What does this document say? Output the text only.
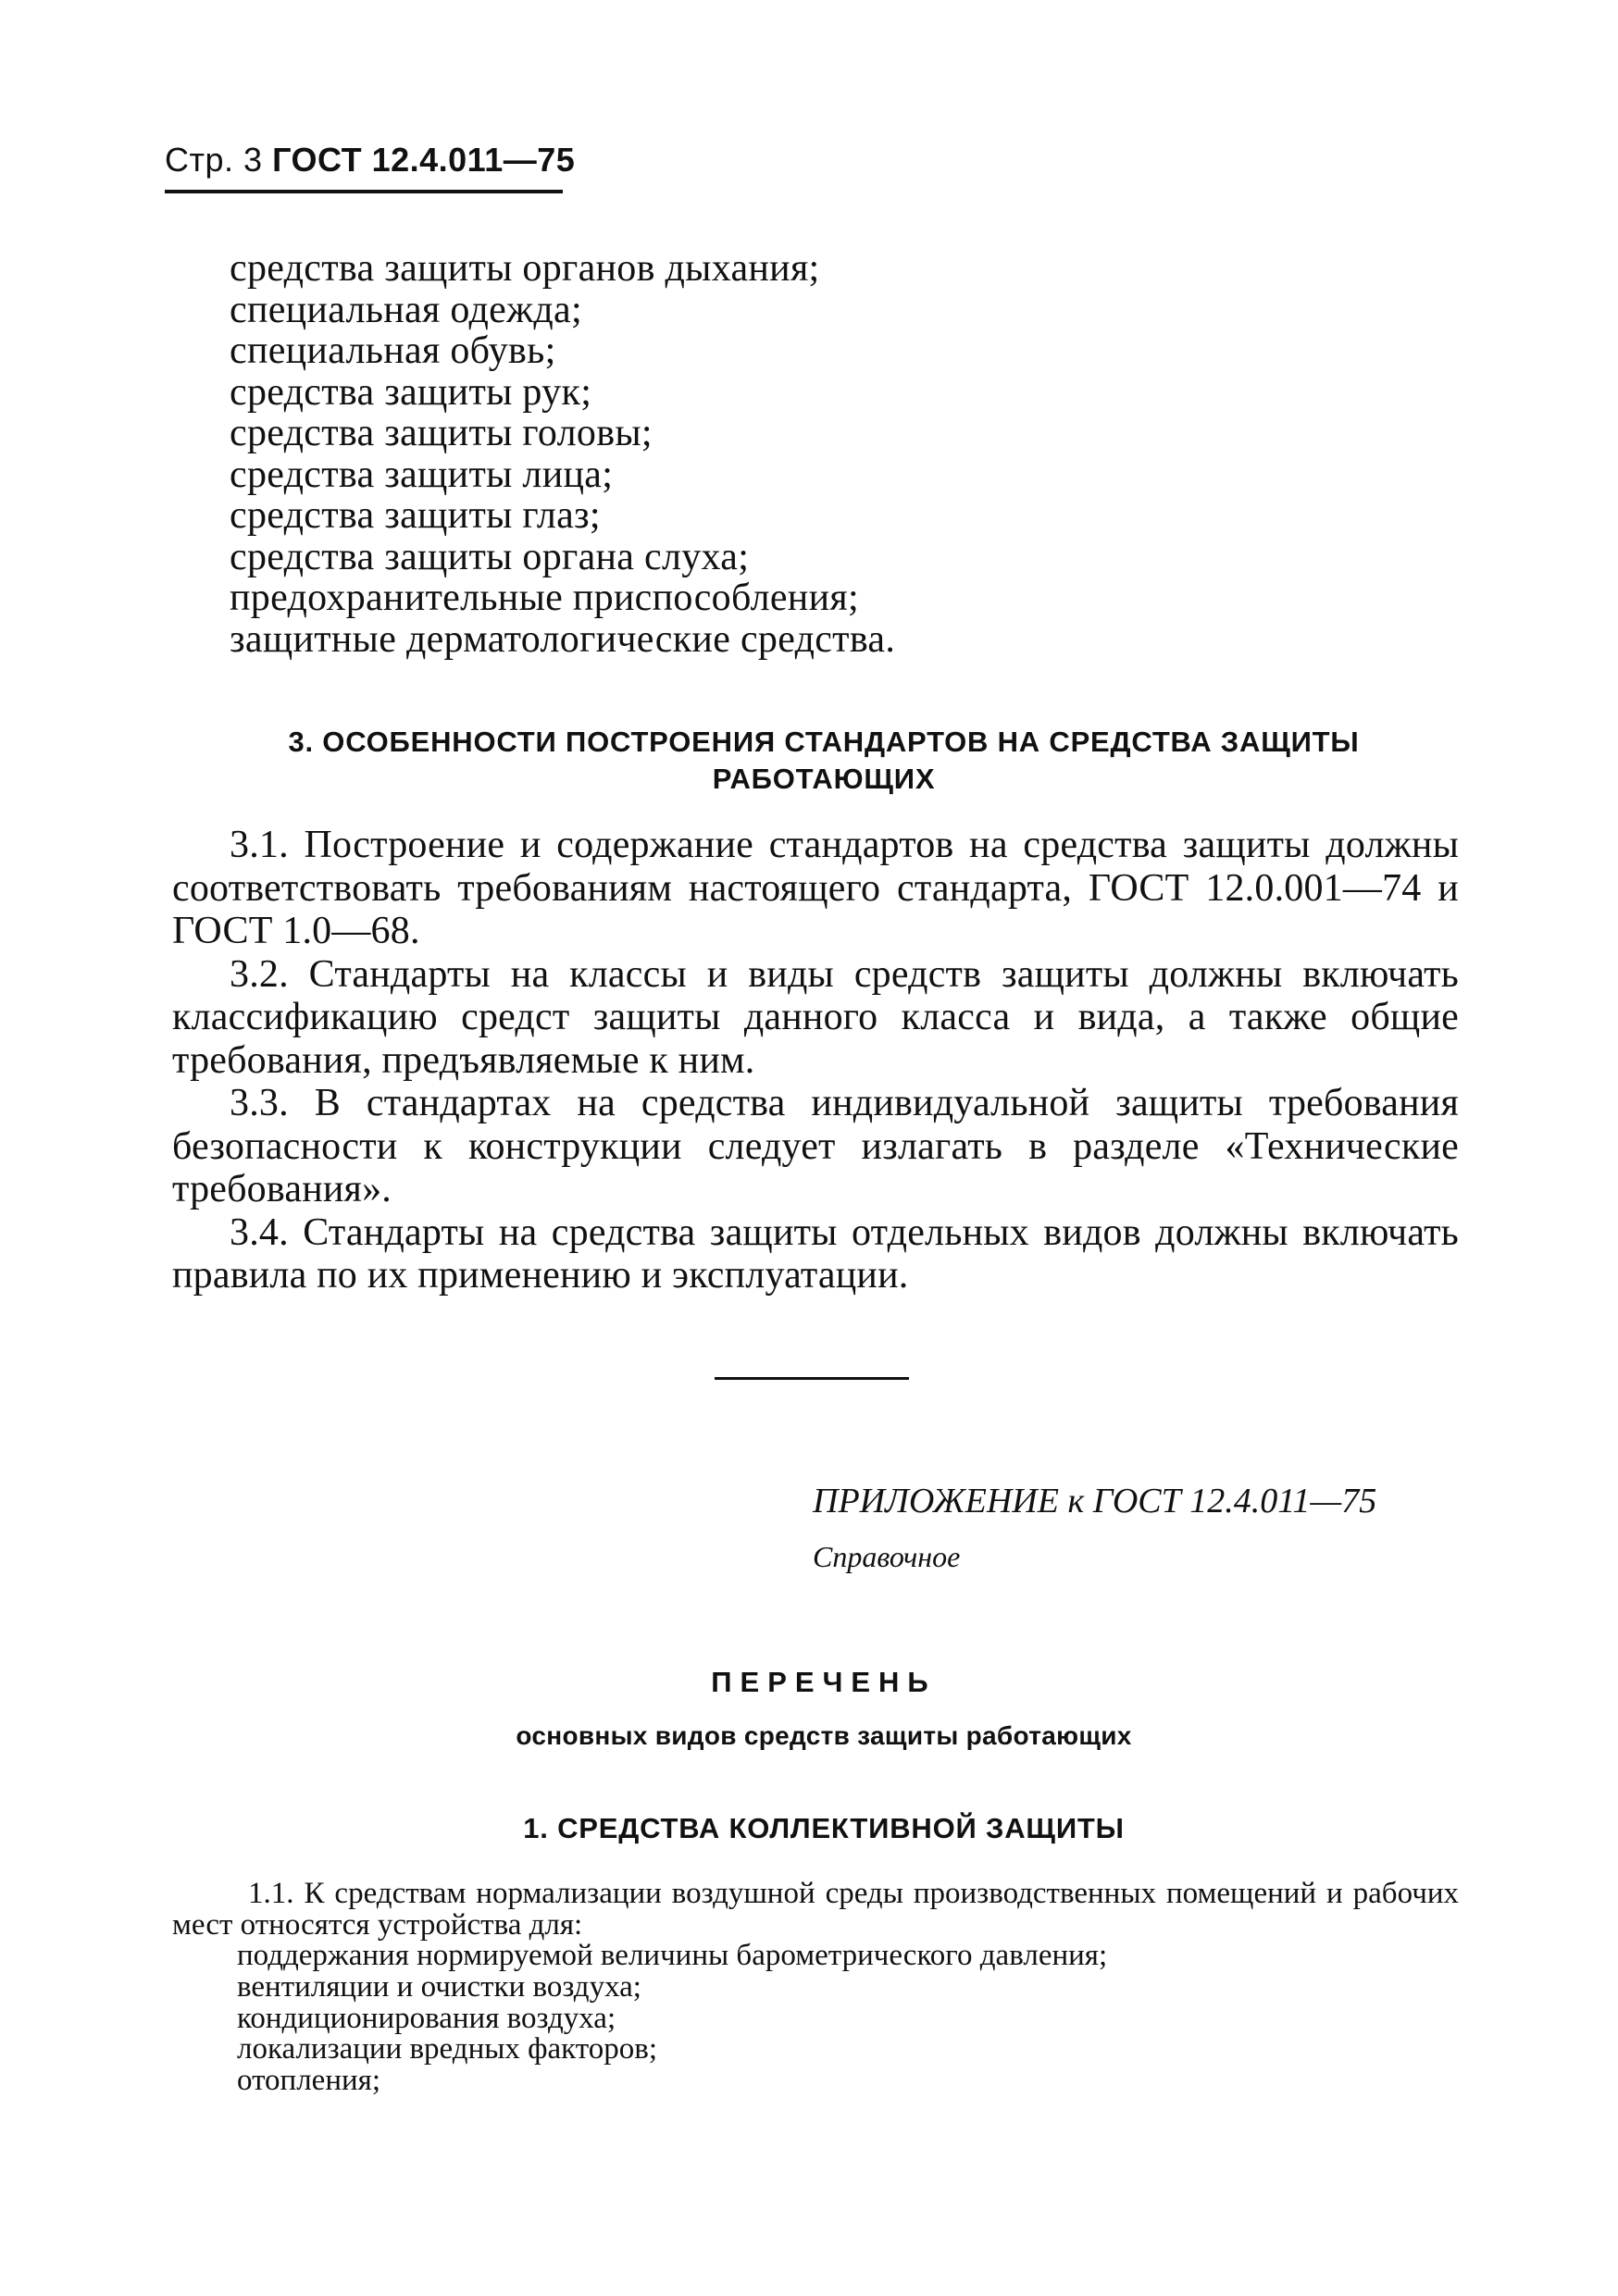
Стр. 3 ГОСТ 12.4.011—75
средства защиты органов дыхания;
специальная одежда;
специальная обувь;
средства защиты рук;
средства защиты головы;
средства защиты лица;
средства защиты глаз;
средства защиты органа слуха;
предохранительные приспособления;
защитные дерматологические средства.
3. ОСОБЕННОСТИ ПОСТРОЕНИЯ СТАНДАРТОВ НА СРЕДСТВА ЗАЩИТЫ
РАБОТАЮЩИХ

3.1. Построение и содержание стандартов на средства защиты должны соответствовать требованиям настоящего стандарта, ГОСТ 12.0.001—74 и ГОСТ 1.0—68.

3.2. Стандарты на классы и виды средств защиты должны включать классификацию средст защиты данного класса и вида, а также общие требования, предъявляемые к ним.

3.3. В стандартах на средства индивидуальной защиты требования безопасности к конструкции следует излагать в разделе «Технические требования».

3.4. Стандарты на средства защиты отдельных видов должны включать правила по их применению и эксплуатации.

ПРИЛОЖЕНИЕ к ГОСТ 12.4.011—75
Справочное
ПЕРЕЧЕНЬ
основных видов средств защиты работающих
1. СРЕДСТВА КОЛЛЕКТИВНОЙ ЗАЩИТЫ

1.1. К средствам нормализации воздушной среды производственных помещений и рабочих мест относятся устройства для:

поддержания нормируемой величины барометрического давления;
вентиляции и очистки воздуха;
кондиционирования воздуха;
локализации вредных факторов;
отопления;
